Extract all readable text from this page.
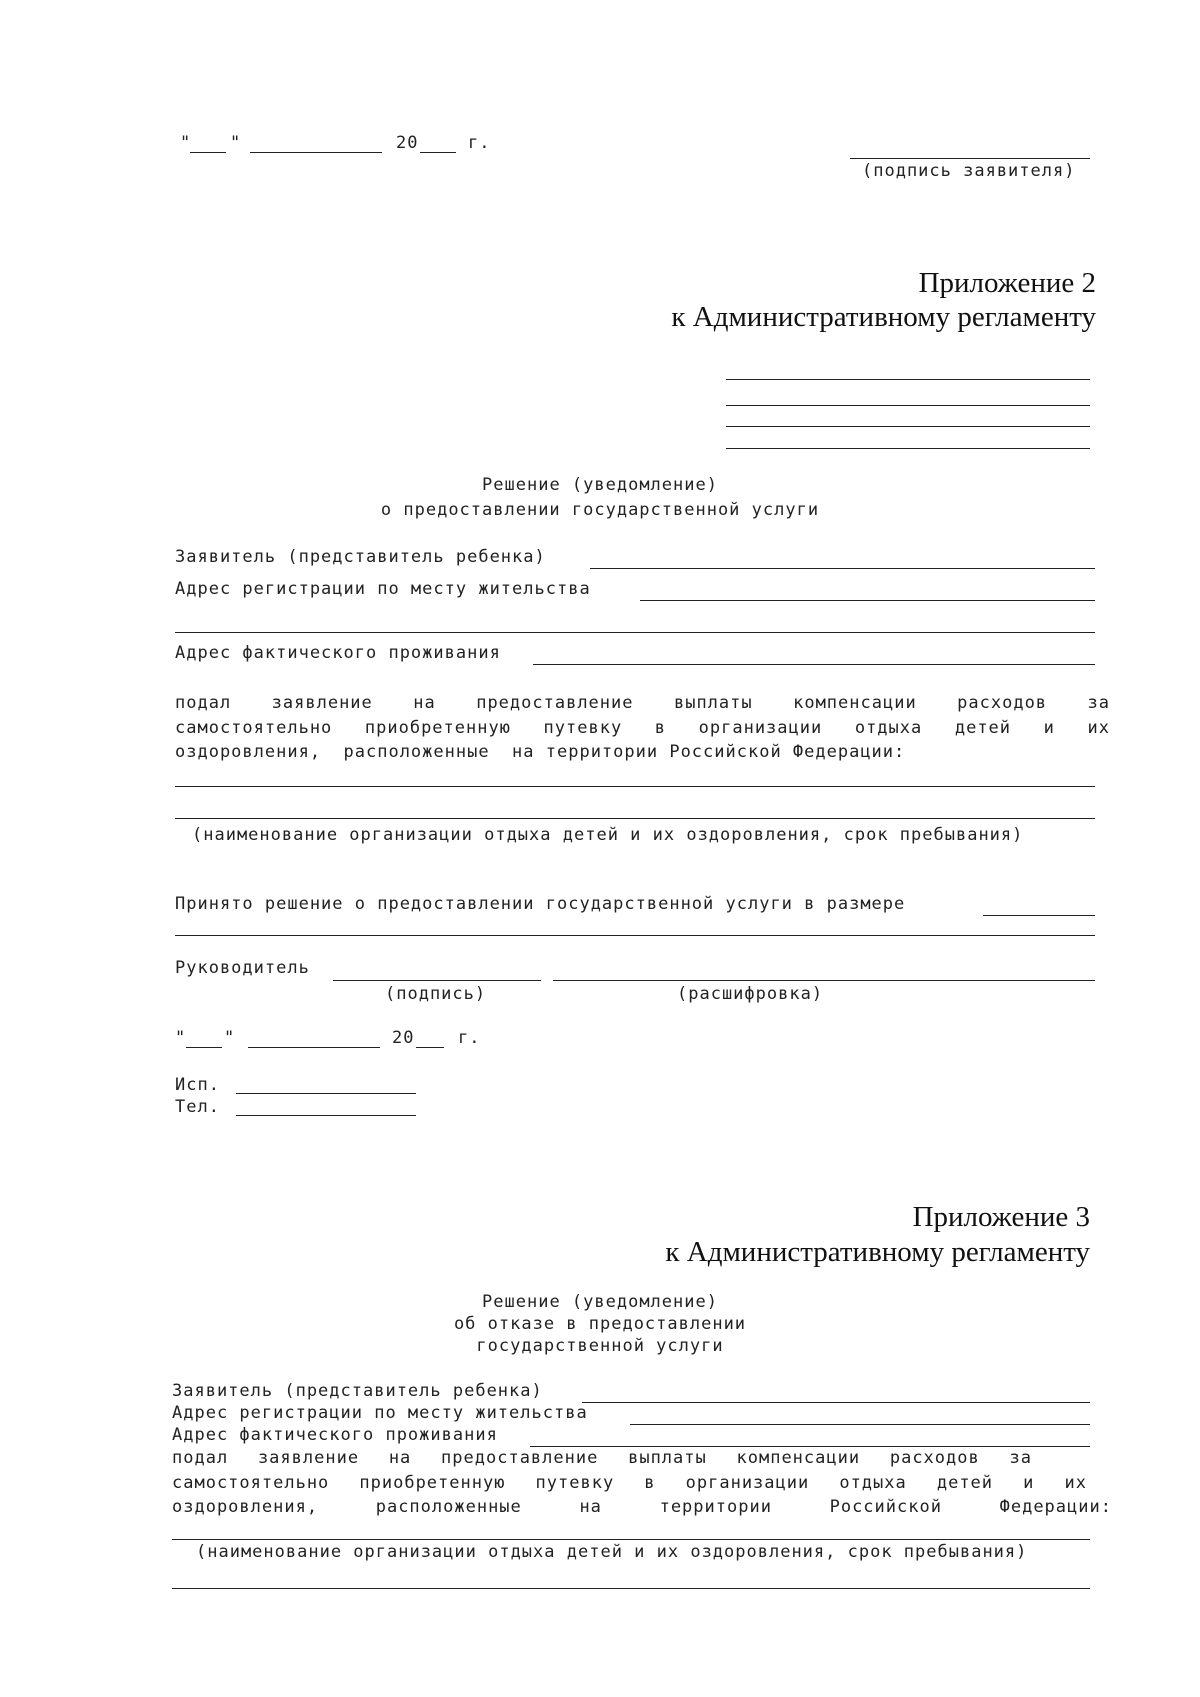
" "	20	г.
(подпись заявителя)
Приложение 2
к Административному регламенту
Решение (уведомление)
о предоставлении государственной услуги
Заявитель (представитель ребенка)
Адрес регистрации по месту жительства
Адрес фактического проживания
подал заявление на предоставление выплаты компенсации расходов за
самостоятельно приобретенную путевку в организации отдыха детей и их
оздоровления,  расположенные  на территории Российской Федерации:
(наименование организации отдыха детей и их оздоровления, срок пребывания)
Принято решение о предоставлении государственной услуги в размере
Руководитель
(подпись)	(расшифровка)
" "	20	г.
Исп.
Тел.
Приложение 3
к Административному регламенту
Решение (уведомление)
об отказе в предоставлении
государственной услуги
Заявитель (представитель ребенка)
Адрес регистрации по месту жительства
Адрес фактического проживания
подал заявление на предоставление выплаты компенсации расходов за
самостоятельно приобретенную путевку в организации отдыха детей и их
оздоровления,	расположенные	на	территории	Российской	Федерации:
(наименование организации отдыха детей и их оздоровления, срок пребывания)
